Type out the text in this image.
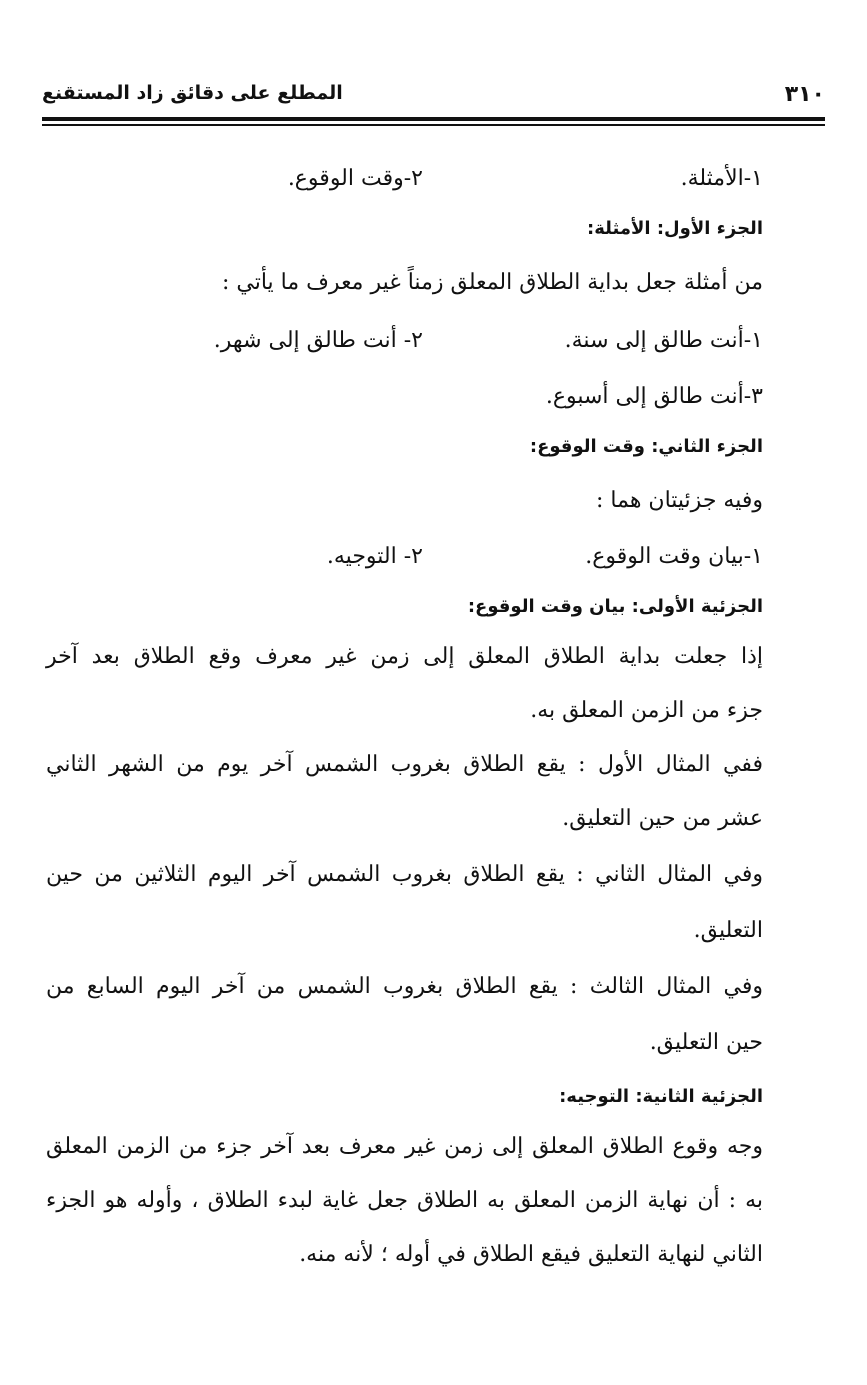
٣١٠
المطلع على دقائق زاد المستقنع
١-الأمثلة.
٢-وقت الوقوع.
الجزء الأول: الأمثلة:
من أمثلة جعل بداية الطلاق المعلق زمناً غير معرف ما يأتي :
١-أنت طالق إلى سنة.
٢- أنت طالق إلى شهر.
٣-أنت طالق إلى أسبوع.
الجزء الثاني: وقت الوقوع:
وفيه جزئيتان هما :
١-بيان وقت الوقوع.
٢- التوجيه.
الجزئية الأولى: بيان وقت الوقوع:
إذا جعلت بداية الطلاق المعلق إلى زمن غير معرف وقع الطلاق بعد آخر
جزء من الزمن المعلق به.
ففي المثال الأول : يقع الطلاق بغروب الشمس آخر يوم من الشهر الثاني
عشر من حين التعليق.
وفي المثال الثاني : يقع الطلاق بغروب الشمس آخر اليوم الثلاثين من حين
التعليق.
وفي المثال الثالث : يقع الطلاق بغروب الشمس من آخر اليوم السابع من
حين التعليق.
الجزئية الثانية: التوجيه:
وجه وقوع الطلاق المعلق إلى زمن غير معرف بعد آخر جزء من الزمن المعلق
به : أن نهاية الزمن المعلق به الطلاق جعل غاية لبدء الطلاق ، وأوله هو الجزء
الثاني لنهاية التعليق فيقع الطلاق في أوله ؛ لأنه منه.
